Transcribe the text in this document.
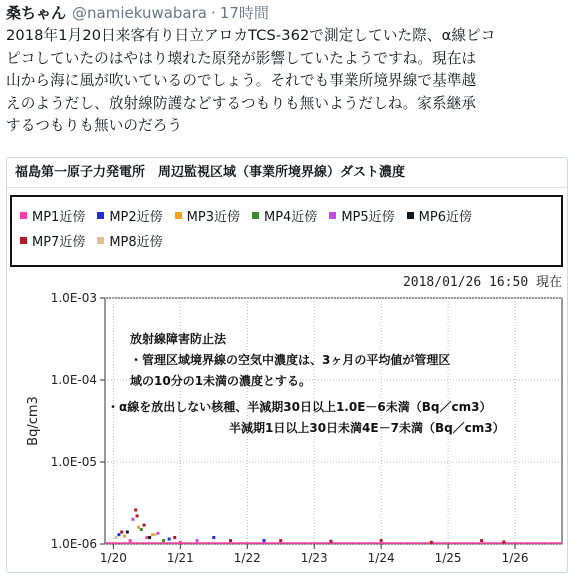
桑ちゃん @namiekuwabara · 17時間

2018年1月20日来客有り日立アロカTCS-362で測定していた際、α線ピコ

ピコしていたのはやはり壊れた原発が影響していたようですね。現在は

山から海に風が吹いているのでしょう。それでも事業所境界線で基準越

えのようだし、放射線防護などするつもりも無いようだしね。家系継承

するつもりも無いのだろう

福島第一原子力発電所　周辺監視区域（事業所境界線）ダスト濃度
MP1近傍 MP2近傍 MP3近傍 MP4近傍 MP5近傍 MP6近傍
MP7近傍 MP8近傍
2018/01/26 16:50 現在
1.0E-03
1.0E-04
1.0E-05
1.0E-06
Bq/cm3
1/20	1/21	1/22	1/23	1/24	1/25	1/26
放射線障害防止法
・管理区域境界線の空気中濃度は、3ヶ月の平均値が管理区
域の10分の1未満の濃度とする。
・α線を放出しない核種、半減期30日以上1.0E－6未満（Bq／cm3）
半減期1日以上30日未満4E－7未満（Bq／cm3）
